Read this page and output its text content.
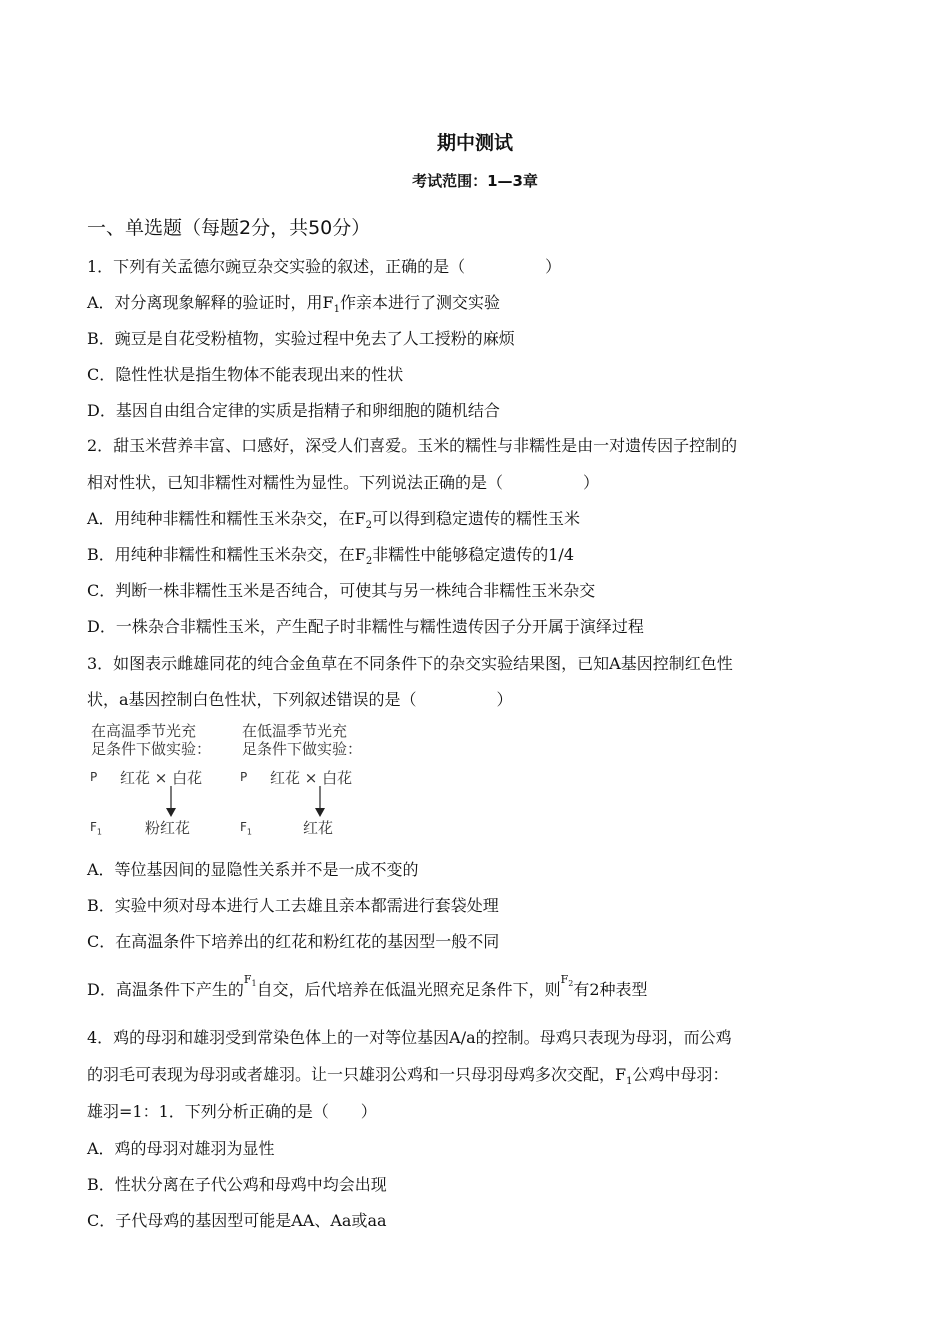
期中测试
考试范围：1—3章
一、单选题（每题2分，共50分）
1．下列有关孟德尔豌豆杂交实验的叙述，正确的是（　　　　　）
A．对分离现象解释的验证时，用$F_1$作亲本进行了测交实验
B．豌豆是自花受粉植物，实验过程中免去了人工授粉的麻烦
C．隐性性状是指生物体不能表现出来的性状
D．基因自由组合定律的实质是指精子和卵细胞的随机结合
2．甜玉米营养丰富、口感好，深受人们喜爱。玉米的糯性与非糯性是由一对遗传因子控制的
相对性状，已知非糯性对糯性为显性。下列说法正确的是（　　　　　）
A．用纯种非糯性和糯性玉米杂交，在$F_2$可以得到稳定遗传的糯性玉米
B．用纯种非糯性和糯性玉米杂交，在$F_2$非糯性中能够稳定遗传的1/4
C．判断一株非糯性玉米是否纯合，可使其与另一株纯合非糯性玉米杂交
D．一株杂合非糯性玉米，产生配子时非糯性与糯性遗传因子分开属于演绎过程
3．如图表示雌雄同花的纯合金鱼草在不同条件下的杂交实验结果图，已知A基因控制红色性
状，a基因控制白色性状，下列叙述错误的是（　　　　　）
在高温季节光充
足条件下做实验：
在低温季节光充
足条件下做实验：
P 红花 × 白花	P 红花 × 白花
$F_1$	粉红花	$F_1$	红花
A．等位基因间的显隐性关系并不是一成不变的
B．实验中须对母本进行人工去雄且亲本都需进行套袋处理
C．在高温条件下培养出的红花和粉红花的基因型一般不同
D．高温条件下产生的$^{F_1}$自交，后代培养在低温光照充足条件下，则$^{F_2}$有2种表型
4．鸡的母羽和雄羽受到常染色体上的一对等位基因A/a的控制。母鸡只表现为母羽，而公鸡
的羽毛可表现为母羽或者雄羽。让一只雄羽公鸡和一只母羽母鸡多次交配，$F_1$公鸡中母羽：
雄羽=1：1．下列分析正确的是（　　）
A．鸡的母羽对雄羽为显性
B．性状分离在子代公鸡和母鸡中均会出现
C．子代母鸡的基因型可能是AA、Aa或aa
